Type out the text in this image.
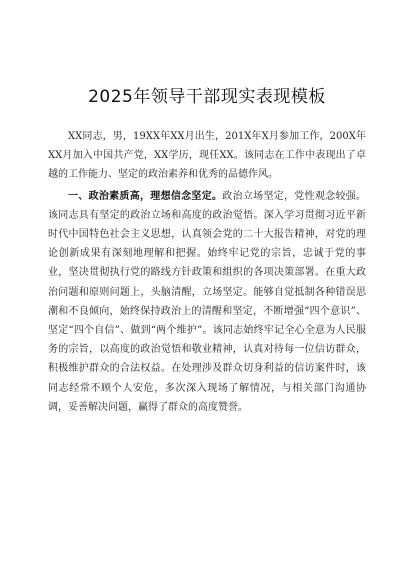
2025年领导干部现实表现模板

XX同志，男，19XX年XX月出生，201X年X月参加工作，200X年XX月加入中国共产党，XX学历，现任XX。该同志在工作中表现出了卓越的工作能力、坚定的政治素养和优秀的品德作风。

一、政治素质高，理想信念坚定。政治立场坚定，党性观念较强。该同志具有坚定的政治立场和高度的政治觉悟。深入学习贯彻习近平新时代中国特色社会主义思想，认真领会党的二十大报告精神，对党的理论创新成果有深刻地理解和把握。始终牢记党的宗旨，忠诚于党的事业，坚决贯彻执行党的路线方针政策和组织的各项决策部署。在重大政治问题和原则问题上，头脑清醒，立场坚定。能够自觉抵制各种错误思潮和不良倾向，始终保持政治上的清醒和坚定，不断增强“四个意识”、坚定“四个自信”、做到“两个维护”。该同志始终牢记全心全意为人民服务的宗旨，以高度的政治觉悟和敬业精神，认真对待每一位信访群众，积极维护群众的合法权益。在处理涉及群众切身利益的信访案件时，该同志经常不顾个人安危，多次深入现场了解情况，与相关部门沟通协调，妥善解决问题，赢得了群众的高度赞誉。
